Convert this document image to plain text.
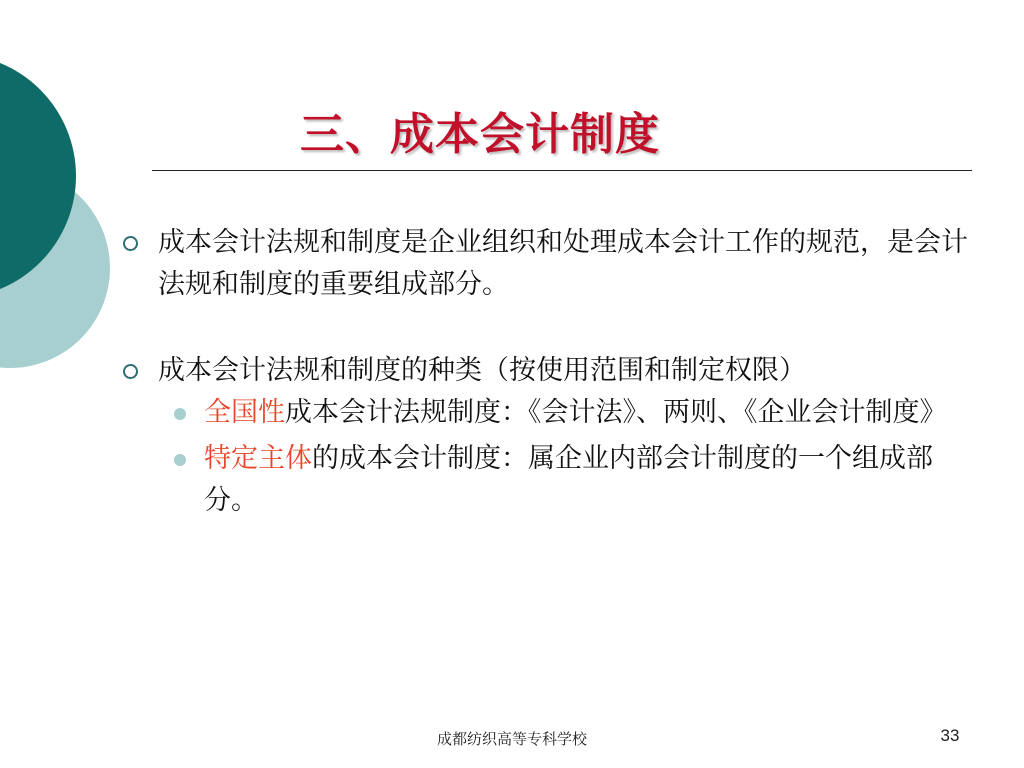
三、成本会计制度
成本会计法规和制度是企业组织和处理成本会计工作的规范，是会计法规和制度的重要组成部分。
成本会计法规和制度的种类（按使用范围和制定权限）
全国性成本会计法规制度：《会计法》、两则、《企业会计制度》
特定主体的成本会计制度：属企业内部会计制度的一个组成部分。
成都纺织高等专科学校	33
